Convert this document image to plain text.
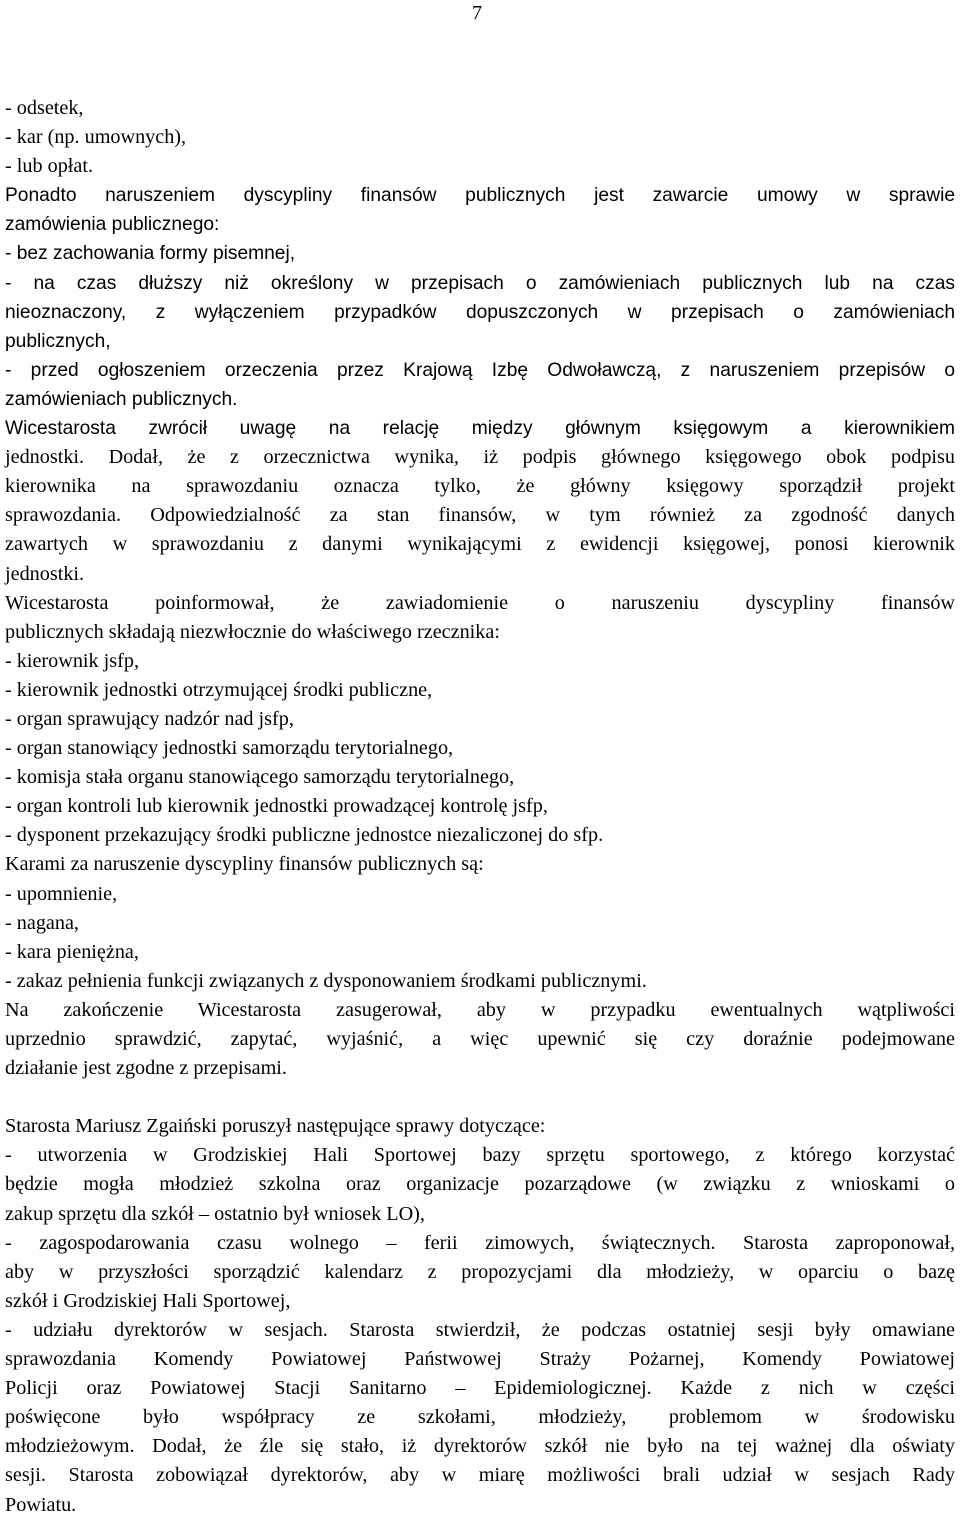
7
- odsetek,
- kar (np. umownych),
- lub opłat.
Ponadto naruszeniem dyscypliny finansów publicznych jest zawarcie umowy w sprawie
zamówienia publicznego:
- bez zachowania formy pisemnej,
- na czas dłuższy niż określony w przepisach o zamówieniach publicznych lub na czas
nieoznaczony, z wyłączeniem przypadków dopuszczonych w przepisach o zamówieniach
publicznych,
- przed ogłoszeniem orzeczenia przez Krajową Izbę Odwoławczą, z naruszeniem przepisów o
zamówieniach publicznych.
Wicestarosta zwrócił uwagę na relację między głównym księgowym a kierownikiem
jednostki. Dodał, że z orzecznictwa wynika, iż podpis głównego księgowego obok podpisu
kierownika na sprawozdaniu oznacza tylko, że główny księgowy sporządził projekt
sprawozdania. Odpowiedzialność za stan finansów, w tym również za zgodność danych
zawartych w sprawozdaniu z danymi wynikającymi z ewidencji księgowej, ponosi kierownik
jednostki.
Wicestarosta poinformował, że zawiadomienie o naruszeniu dyscypliny finansów
publicznych składają niezwłocznie do właściwego rzecznika:
- kierownik jsfp,
- kierownik jednostki otrzymującej środki publiczne,
- organ sprawujący nadzór nad jsfp,
- organ stanowiący jednostki samorządu terytorialnego,
- komisja stała organu stanowiącego samorządu terytorialnego,
- organ kontroli lub kierownik jednostki prowadzącej kontrolę jsfp,
- dysponent przekazujący środki publiczne jednostce niezaliczonej do sfp.
Karami za naruszenie dyscypliny finansów publicznych są:
- upomnienie,
- nagana,
- kara pieniężna,
- zakaz pełnienia funkcji związanych z dysponowaniem środkami publicznymi.
Na zakończenie Wicestarosta zasugerował, aby w przypadku ewentualnych wątpliwości
uprzednio sprawdzić, zapytać, wyjaśnić, a więc upewnić się czy doraźnie podejmowane
działanie jest zgodne z przepisami.
Starosta Mariusz Zgaiński poruszył następujące sprawy dotyczące:
- utworzenia w Grodziskiej Hali Sportowej bazy sprzętu sportowego, z którego korzystać
będzie mogła młodzież szkolna oraz organizacje pozarządowe (w związku z wnioskami o
zakup sprzętu dla szkół – ostatnio był wniosek LO),
- zagospodarowania czasu wolnego – ferii zimowych, świątecznych. Starosta zaproponował,
aby w przyszłości sporządzić kalendarz z propozycjami dla młodzieży, w oparciu o bazę
szkół i Grodziskiej Hali Sportowej,
- udziału dyrektorów w sesjach. Starosta stwierdził, że podczas ostatniej sesji były omawiane
sprawozdania Komendy Powiatowej Państwowej Straży Pożarnej, Komendy Powiatowej
Policji oraz Powiatowej Stacji Sanitarno – Epidemiologicznej. Każde z nich w części
poświęcone było współpracy ze szkołami, młodzieży, problemom w środowisku
młodzieżowym. Dodał, że źle się stało, iż dyrektorów szkół nie było na tej ważnej dla oświaty
sesji. Starosta zobowiązał dyrektorów, aby w miarę możliwości brali udział w sesjach Rady
Powiatu.
